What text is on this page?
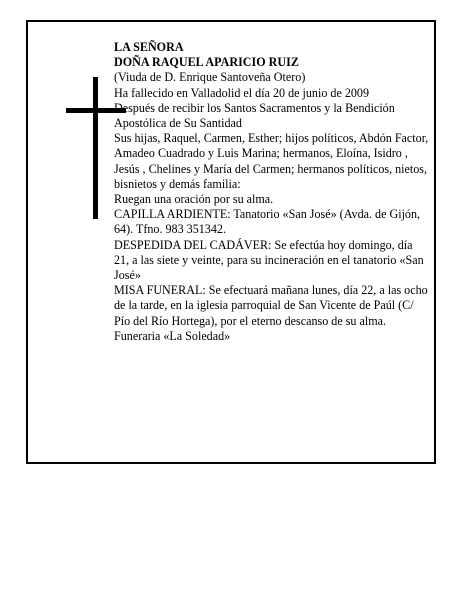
LA SEÑORA

DOÑA RAQUEL APARICIO RUIZ

(Viuda de D. Enrique Santoveña Otero)

Ha fallecido en Valladolid el día 20 de junio de 2009

Después de recibir los Santos Sacramentos y la Bendición Apostólica de Su Santidad

Sus hijas, Raquel, Carmen, Esther; hijos políticos, Abdón Factor, Amadeo Cuadrado y Luis Marina; hermanos, Eloína, Isidro , Jesús , Chelines y María del Carmen; hermanos políticos, nietos, bisnietos y demás familia:

Ruegan una oración por su alma.

CAPILLA ARDIENTE: Tanatorio «San José» (Avda. de Gijón, 64). Tfno. 983 351342.

DESPEDIDA DEL CADÁVER: Se efectúa hoy domingo, día 21, a las siete y veinte, para su incineración en el tanatorio «San José»

MISA FUNERAL: Se efectuará mañana lunes, día 22, a las ocho de la tarde, en la iglesia parroquial de San Vicente de Paúl (C/ Pío del Río Hortega), por el eterno descanso de su alma.

Funeraria «La Soledad»
